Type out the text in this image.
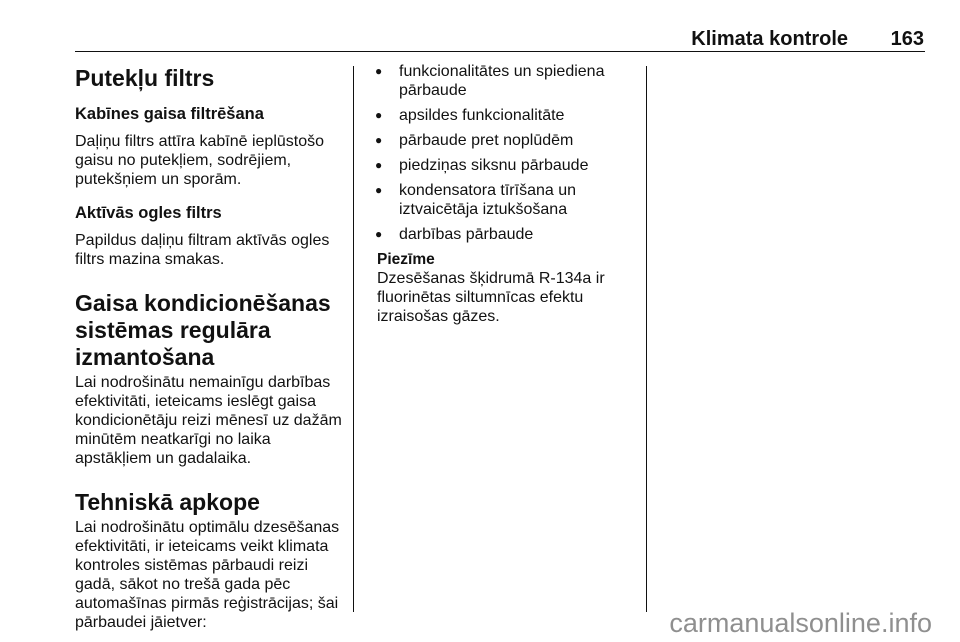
Klimata kontrole 163
Putekļu filtrs
Kabīnes gaisa filtrēšana

Daļiņu filtrs attīra kabīnē ieplūstošo

gaisu no putekļiem, sodrējiem,

putekšņiem un sporām.

Aktīvās ogles filtrs

Papildus daļiņu filtram aktīvās ogles

filtrs mazina smakas.

Gaisa kondicionēšanas
sistēmas regulāra
izmantošana

Lai nodrošinātu nemainīgu darbības

efektivitāti, ieteicams ieslēgt gaisa

kondicionētāju reizi mēnesī uz dažām

minūtēm neatkarīgi no laika

apstākļiem un gadalaika.

Tehniskā apkope

Lai nodrošinātu optimālu dzesēšanas

efektivitāti, ir ieteicams veikt klimata

kontroles sistēmas pārbaudi reizi

gadā, sākot no trešā gada pēc

automašīnas pirmās reģistrācijas; šai

pārbaudei jāietver:

● funkcionalitātes un spiediena
pārbaude
● apsildes funkcionalitāte
● pārbaude pret noplūdēm
● piedziņas siksnu pārbaude
● kondensatora tīrīšana un
iztvaicētāja iztukšošana
● darbības pārbaude

Piezīme

Dzesēšanas šķidrumā R-134a ir

fluorinētas siltumnīcas efektu

izraisošas gāzes.

carmanualsonline.info
